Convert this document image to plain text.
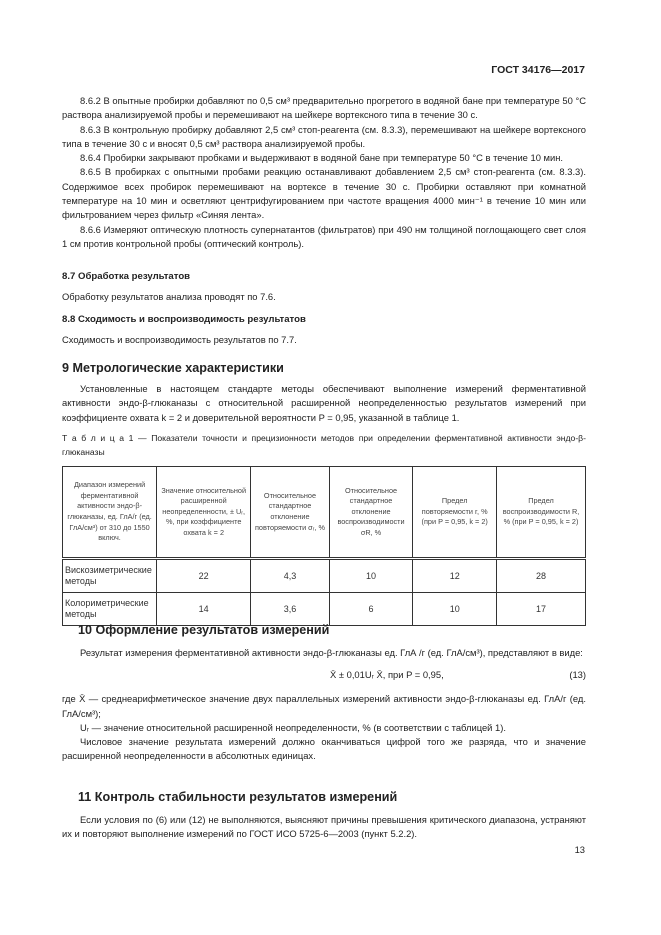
ГОСТ 34176—2017

8.6.2 В опытные пробирки добавляют по 0,5 см³ предварительно прогретого в водяной бане при температуре 50 °С раствора анализируемой пробы и перемешивают на шейкере вортексного типа в течение 30 с.

8.6.3 В контрольную пробирку добавляют 2,5 см³ стоп-реагента (см. 8.3.3), перемешивают на шейкере вортексного типа в течение 30 с и вносят 0,5 см³ раствора анализируемой пробы.

8.6.4 Пробирки закрывают пробками и выдерживают в водяной бане при температуре 50 °С в течение 10 мин.

8.6.5 В пробирках с опытными пробами реакцию останавливают добавлением 2,5 см³ стоп-реагента (см. 8.3.3). Содержимое всех пробирок перемешивают на вортексе в течение 30 с. Пробирки оставляют при комнатной температуре на 10 мин и осветляют центрифугированием при частоте вращения 4000 мин⁻¹ в течение 10 мин или фильтрованием через фильтр «Синяя лента».

8.6.6 Измеряют оптическую плотность супернатантов (фильтратов) при 490 нм толщиной поглощающего свет слоя 1 см против контрольной пробы (оптический контроль).

8.7 Обработка результатов

Обработку результатов анализа проводят по 7.6.

8.8 Сходимость и воспроизводимость результатов

Сходимость и воспроизводимость результатов по 7.7.

9 Метрологические характеристики

Установленные в настоящем стандарте методы обеспечивают выполнение измерений ферментативной активности эндо-β-глюканазы с относительной расширенной неопределенностью результатов измерений при коэффициенте охвата k = 2 и доверительной вероятности P = 0,95, указанной в таблице 1.

Т а б л и ц а 1 — Показатели точности и прецизионности методов при определении ферментативной активности эндо-β-глюканазы

Диапазон измерений ферментативной активности эндо-β-глюканазы, ед. ГлА/г (ед. ГлА/см³) от 310 до 1550 включ.	Значение относительной расширенной неопределенности, ± Uᵣ, %, при коэффициенте охвата k = 2	Относительное стандартное отклонение повторяемости σᵣ, %	Относительное стандартное отклонение воспроизводимости σR, %	Предел повторяемости r, % (при P = 0,95, k = 2)	Предел воспроизводимости R, % (при P = 0,95, k = 2)
Вискозиметрические методы	22	4,3	10	12	28
Колориметрические методы	14	3,6	6	10	17
10 Оформление результатов измерений

Результат измерения ферментативной активности эндо-β-глюканазы ед. ГлА /г (ед. ГлА/см³), представляют в виде:

X̄ ± 0,01Uᵣ X̄, при P = 0,95,	(13)

где X̄ — среднеарифметическое значение двух параллельных измерений активности эндо-β-глюканазы ед. ГлА/г (ед. ГлА/см³);

Uᵣ — значение относительной расширенной неопределенности, % (в соответствии с таблицей 1).

Числовое значение результата измерений должно оканчиваться цифрой того же разряда, что и значение расширенной неопределенности в абсолютных единицах.

11 Контроль стабильности результатов измерений

Если условия по (6) или (12) не выполняются, выясняют причины превышения критического диапазона, устраняют их и повторяют выполнение измерений по ГОСТ ИСО 5725-6—2003 (пункт 5.2.2).

13
